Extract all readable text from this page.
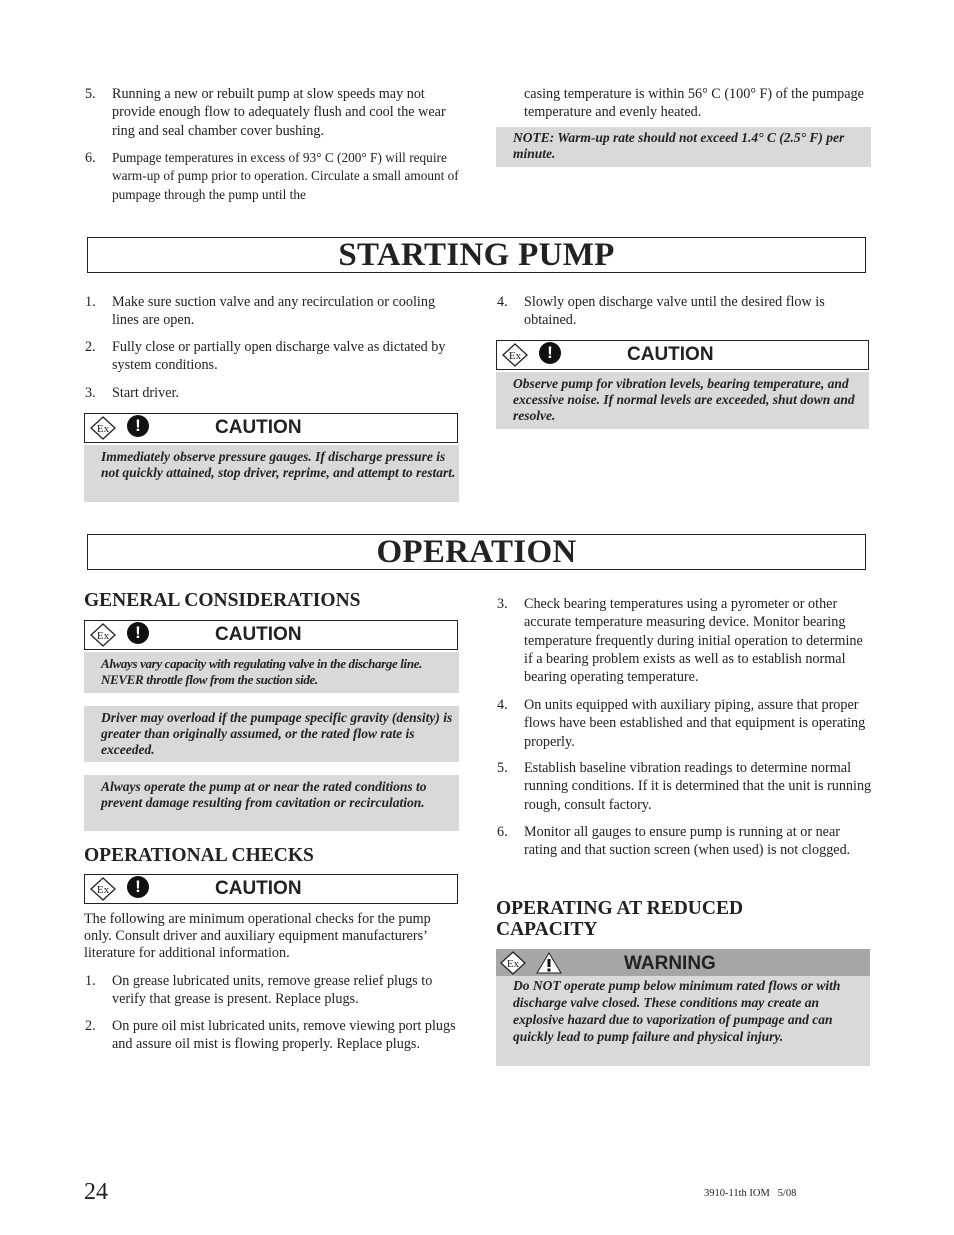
5.	Running a new or rebuilt pump at slow speeds may not provide enough flow to adequately flush and cool the wear ring and seal chamber cover bushing.
6.	Pumpage temperatures in excess of 93° C (200° F) will require warm-up of pump prior to operation. Circulate a small amount of pumpage through the pump until the
casing temperature is within 56° C (100° F) of the pumpage temperature and evenly heated.
NOTE: Warm-up rate should not exceed 1.4° C (2.5° F) per minute.
STARTING PUMP
1.	Make sure suction valve and any recirculation or cooling lines are open.
2.	Fully close or partially open discharge valve as dictated by system conditions.
3.	Start driver.
Ex	!	CAUTION
Immediately observe pressure gauges. If discharge pressure is not quickly attained, stop driver, reprime, and attempt to restart.
4.	Slowly open discharge valve until the desired flow is obtained.
Ex	!	CAUTION
Observe pump for vibration levels, bearing temperature, and excessive noise. If normal levels are exceeded, shut down and resolve.
OPERATION
GENERAL CONSIDERATIONS
Ex	!	CAUTION
Always vary capacity with regulating valve in the discharge line. NEVER throttle flow from the suction side.
Driver may overload if the pumpage specific gravity (density) is greater than originally assumed, or the rated flow rate is exceeded.
Always operate the pump at or near the rated conditions to prevent damage resulting from cavitation or recirculation.
OPERATIONAL CHECKS
Ex	!	CAUTION
The following are minimum operational checks for the pump only. Consult driver and auxiliary equipment manufacturers’ literature for additional information.
1.	On grease lubricated units, remove grease relief plugs to verify that grease is present. Replace plugs.
2.	On pure oil mist lubricated units, remove viewing port plugs and assure oil mist is flowing properly. Replace plugs.
3.	Check bearing temperatures using a pyrometer or other accurate temperature measuring device. Monitor bearing temperature frequently during initial operation to determine if a bearing problem exists as well as to establish normal bearing operating temperature.
4.	On units equipped with auxiliary piping, assure that proper flows have been established and that equipment is operating properly.
5.	Establish baseline vibration readings to determine normal running conditions. If it is determined that the unit is running rough, consult factory.
6.	Monitor all gauges to ensure pump is running at or near rating and that suction screen (when used) is not clogged.
OPERATING AT REDUCED CAPACITY
Ex	WARNING
Do NOT operate pump below minimum rated flows or with discharge valve closed. These conditions may create an explosive hazard due to vaporization of pumpage and can quickly lead to pump failure and physical injury.
24	3910-11th IOM   5/08
